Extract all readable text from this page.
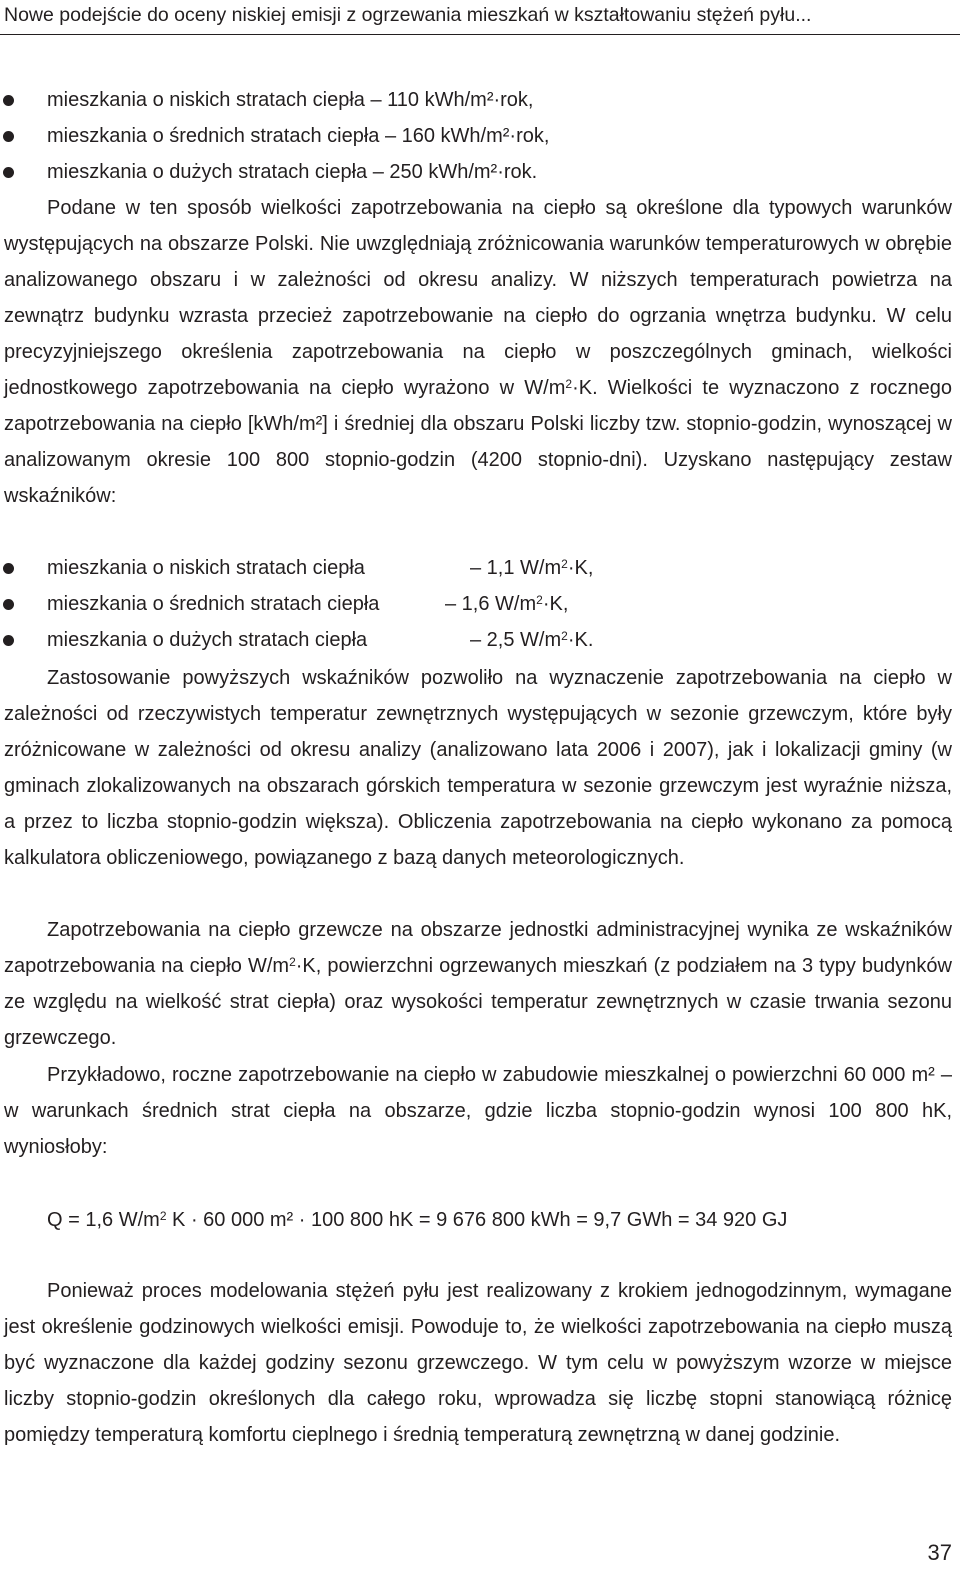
Nowe podejście do oceny niskiej emisji z ogrzewania mieszkań w kształtowaniu stężeń pyłu...
mieszkania o niskich stratach ciepła – 110 kWh/m²·rok,
mieszkania o średnich stratach ciepła – 160 kWh/m²·rok,
mieszkania o dużych stratach ciepła – 250 kWh/m²·rok.
Podane w ten sposób wielkości zapotrzebowania na ciepło są określone dla typowych warunków występujących na obszarze Polski. Nie uwzględniają zróżnicowania warunków temperaturowych w obrębie analizowanego obszaru i w zależności od okresu analizy. W niższych temperaturach powietrza na zewnątrz budynku wzrasta przecież zapotrzebowanie na ciepło do ogrzania wnętrza budynku. W celu precyzyjniejszego określenia zapotrzebowania na ciepło w poszczególnych gminach, wielkości jednostkowego zapotrzebowania na ciepło wyrażono w $W/m^2\cdot K$. Wielkości te wyznaczono z rocznego zapotrzebowania na ciepło [kWh/m²] i średniej dla obszaru Polski liczby tzw. stopnio-godzin, wynoszącej w analizowanym okresie 100 800 stopnio-godzin (4200 stopnio-dni). Uzyskano następujący zestaw wskaźników:
mieszkania o niskich stratach ciepła	– 1,1 $W/m^2\cdot K$,
mieszkania o średnich stratach ciepła	– 1,6 $W/m^2\cdot K$,
mieszkania o dużych stratach ciepła	– 2,5 $W/m^2\cdot K$.
Zastosowanie powyższych wskaźników pozwoliło na wyznaczenie zapotrzebowania na ciepło w zależności od rzeczywistych temperatur zewnętrznych występujących w sezonie grzewczym, które były zróżnicowane w zależności od okresu analizy (analizowano lata 2006 i 2007), jak i lokalizacji gminy (w gminach zlokalizowanych na obszarach górskich temperatura w sezonie grzewczym jest wyraźnie niższa, a przez to liczba stopnio-godzin większa). Obliczenia zapotrzebowania na ciepło wykonano za pomocą kalkulatora obliczeniowego, powiązanego z bazą danych meteorologicznych.
Zapotrzebowania na ciepło grzewcze na obszarze jednostki administracyjnej wynika ze wskaźników zapotrzebowania na ciepło $W/m^2\cdot K$, powierzchni ogrzewanych mieszkań (z podziałem na 3 typy budynków ze względu na wielkość strat ciepła) oraz wysokości temperatur zewnętrznych w czasie trwania sezonu grzewczego.
Przykładowo, roczne zapotrzebowanie na ciepło w zabudowie mieszkalnej o powierzchni 60 000 m² – w warunkach średnich strat ciepła na obszarze, gdzie liczba stopnio-godzin wynosi 100 800 hK, wyniosłoby:
Q = 1,6 $W/m^2$ K · 60 000 m² · 100 800 hK = 9 676 800 kWh = 9,7 GWh = 34 920 GJ
Ponieważ proces modelowania stężeń pyłu jest realizowany z krokiem jednogodzinnym, wymagane jest określenie godzinowych wielkości emisji. Powoduje to, że wielkości zapotrzebowania na ciepło muszą być wyznaczone dla każdej godziny sezonu grzewczego. W tym celu w powyższym wzorze w miejsce liczby stopnio-godzin określonych dla całego roku, wprowadza się liczbę stopni stanowiącą różnicę pomiędzy temperaturą komfortu cieplnego i średnią temperaturą zewnętrzną w danej godzinie.
37
